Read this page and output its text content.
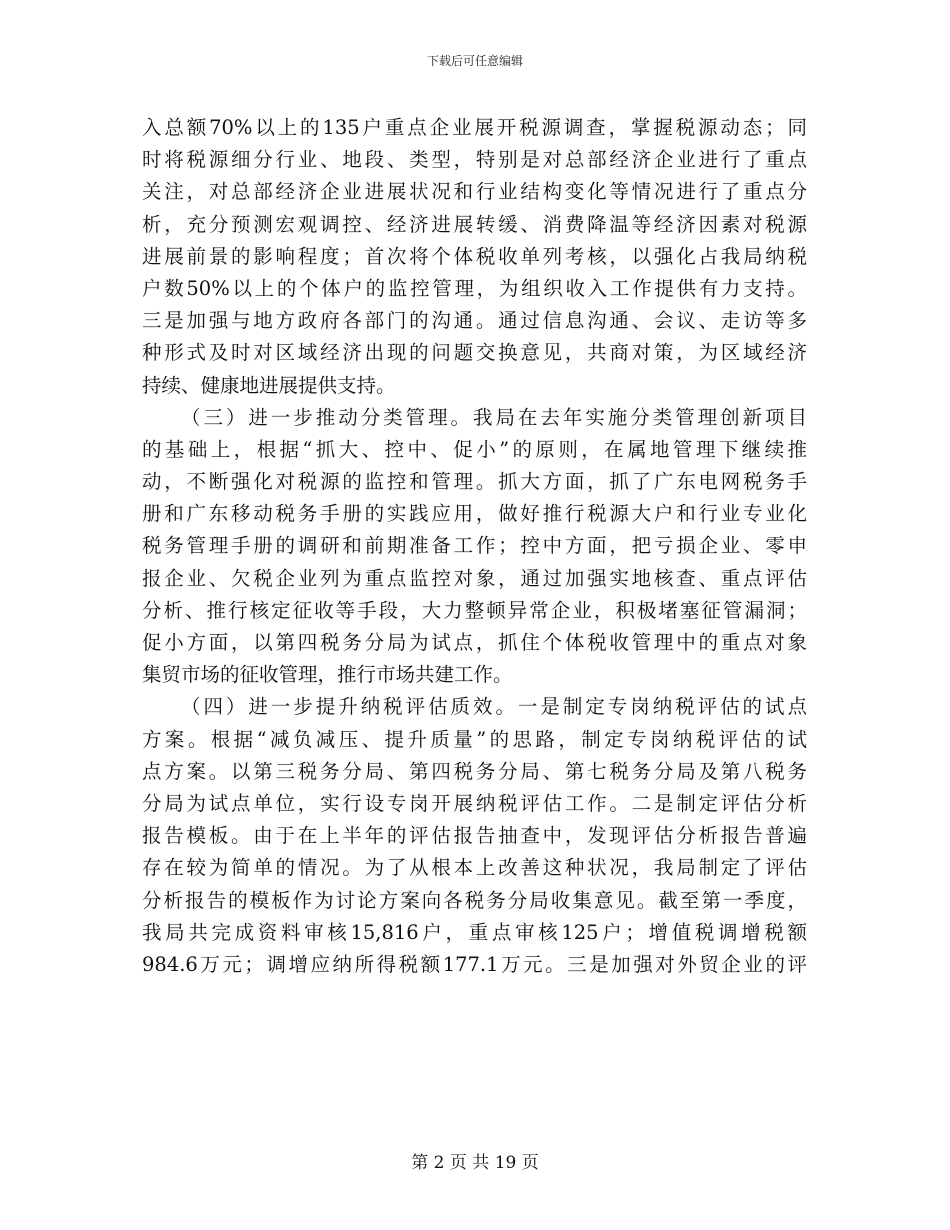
下载后可任意编辑
入总额70%以上的135户重点企业展开税源调查，掌握税源动态；同
时将税源细分行业、地段、类型，特别是对总部经济企业进行了重点
关注，对总部经济企业进展状况和行业结构变化等情况进行了重点分
析，充分预测宏观调控、经济进展转缓、消费降温等经济因素对税源
进展前景的影响程度；首次将个体税收单列考核，以强化占我局纳税
户数50%以上的个体户的监控管理，为组织收入工作提供有力支持。
三是加强与地方政府各部门的沟通。通过信息沟通、会议、走访等多
种形式及时对区域经济出现的问题交换意见，共商对策，为区域经济
持续、健康地进展提供支持。
（三）进一步推动分类管理。我局在去年实施分类管理创新项目
的基础上，根据“抓大、控中、促小”的原则，在属地管理下继续推
动，不断强化对税源的监控和管理。抓大方面，抓了广东电网税务手
册和广东移动税务手册的实践应用，做好推行税源大户和行业专业化
税务管理手册的调研和前期准备工作；控中方面，把亏损企业、零申
报企业、欠税企业列为重点监控对象，通过加强实地核查、重点评估
分析、推行核定征收等手段，大力整顿异常企业，积极堵塞征管漏洞；
促小方面，以第四税务分局为试点，抓住个体税收管理中的重点对象
集贸市场的征收管理，推行市场共建工作。
（四）进一步提升纳税评估质效。一是制定专岗纳税评估的试点
方案。根据“减负减压、提升质量”的思路，制定专岗纳税评估的试
点方案。以第三税务分局、第四税务分局、第七税务分局及第八税务
分局为试点单位，实行设专岗开展纳税评估工作。二是制定评估分析
报告模板。由于在上半年的评估报告抽查中，发现评估分析报告普遍
存在较为简单的情况。为了从根本上改善这种状况，我局制定了评估
分析报告的模板作为讨论方案向各税务分局收集意见。截至第一季度，
我局共完成资料审核15,816户，重点审核125户；增值税调增税额
984.6万元；调增应纳所得税额177.1万元。三是加强对外贸企业的评
第 2 页 共 19 页
